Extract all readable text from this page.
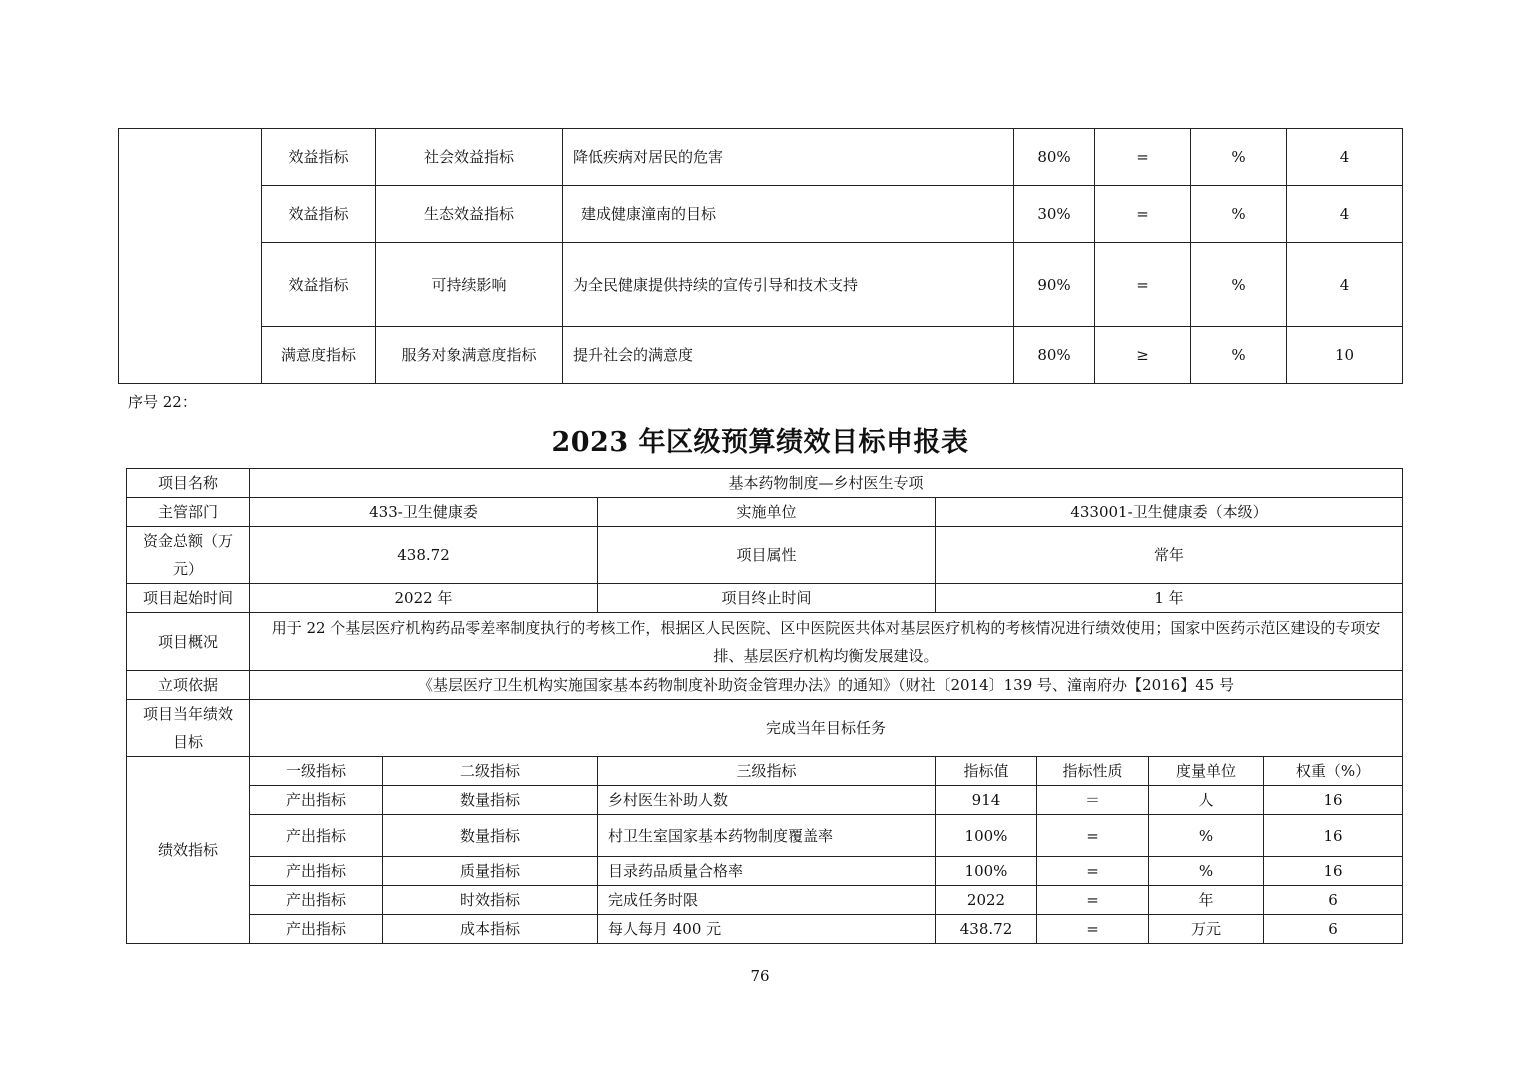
	效益指标	社会效益指标	降低疾病对居民的危害	80%	=	%	4
	效益指标	生态效益指标	建成健康潼南的目标	30%	=	%	4
	效益指标	可持续影响	为全民健康提供持续的宣传引导和技术支持	90%	=	%	4
	满意度指标	服务对象满意度指标	提升社会的满意度	80%	≥	%	10
序号 22：
2023 年区级预算绩效目标申报表
项目名称	基本药物制度—乡村医生专项						
主管部门	433-卫生健康委		实施单位	433001-卫生健康委（本级）			
资金总额（万元）	438.72		项目属性	常年			
项目起始时间	2022 年		项目终止时间	1 年			
项目概况	用于 22 个基层医疗机构药品零差率制度执行的考核工作，根据区人民医院、区中医院医共体对基层医疗机构的考核情况进行绩效使用；国家中医药示范区建设的专项安排、基层医疗机构均衡发展建设。						
立项依据	《基层医疗卫生机构实施国家基本药物制度补助资金管理办法》的通知》（财社〔2014〕139 号、潼南府办【2016】45 号						
项目当年绩效目标	完成当年目标任务						
绩效指标	一级指标	二级指标	三级指标	指标值	指标性质	度量单位	权重（%）
	产出指标	数量指标	乡村医生补助人数	914	＝	人	16
	产出指标	数量指标	村卫生室国家基本药物制度覆盖率	100%	=	%	16
	产出指标	质量指标	目录药品质量合格率	100%	=	%	16
	产出指标	时效指标	完成任务时限	2022	=	年	6
	产出指标	成本指标	每人每月 400 元	438.72	=	万元	6
76
